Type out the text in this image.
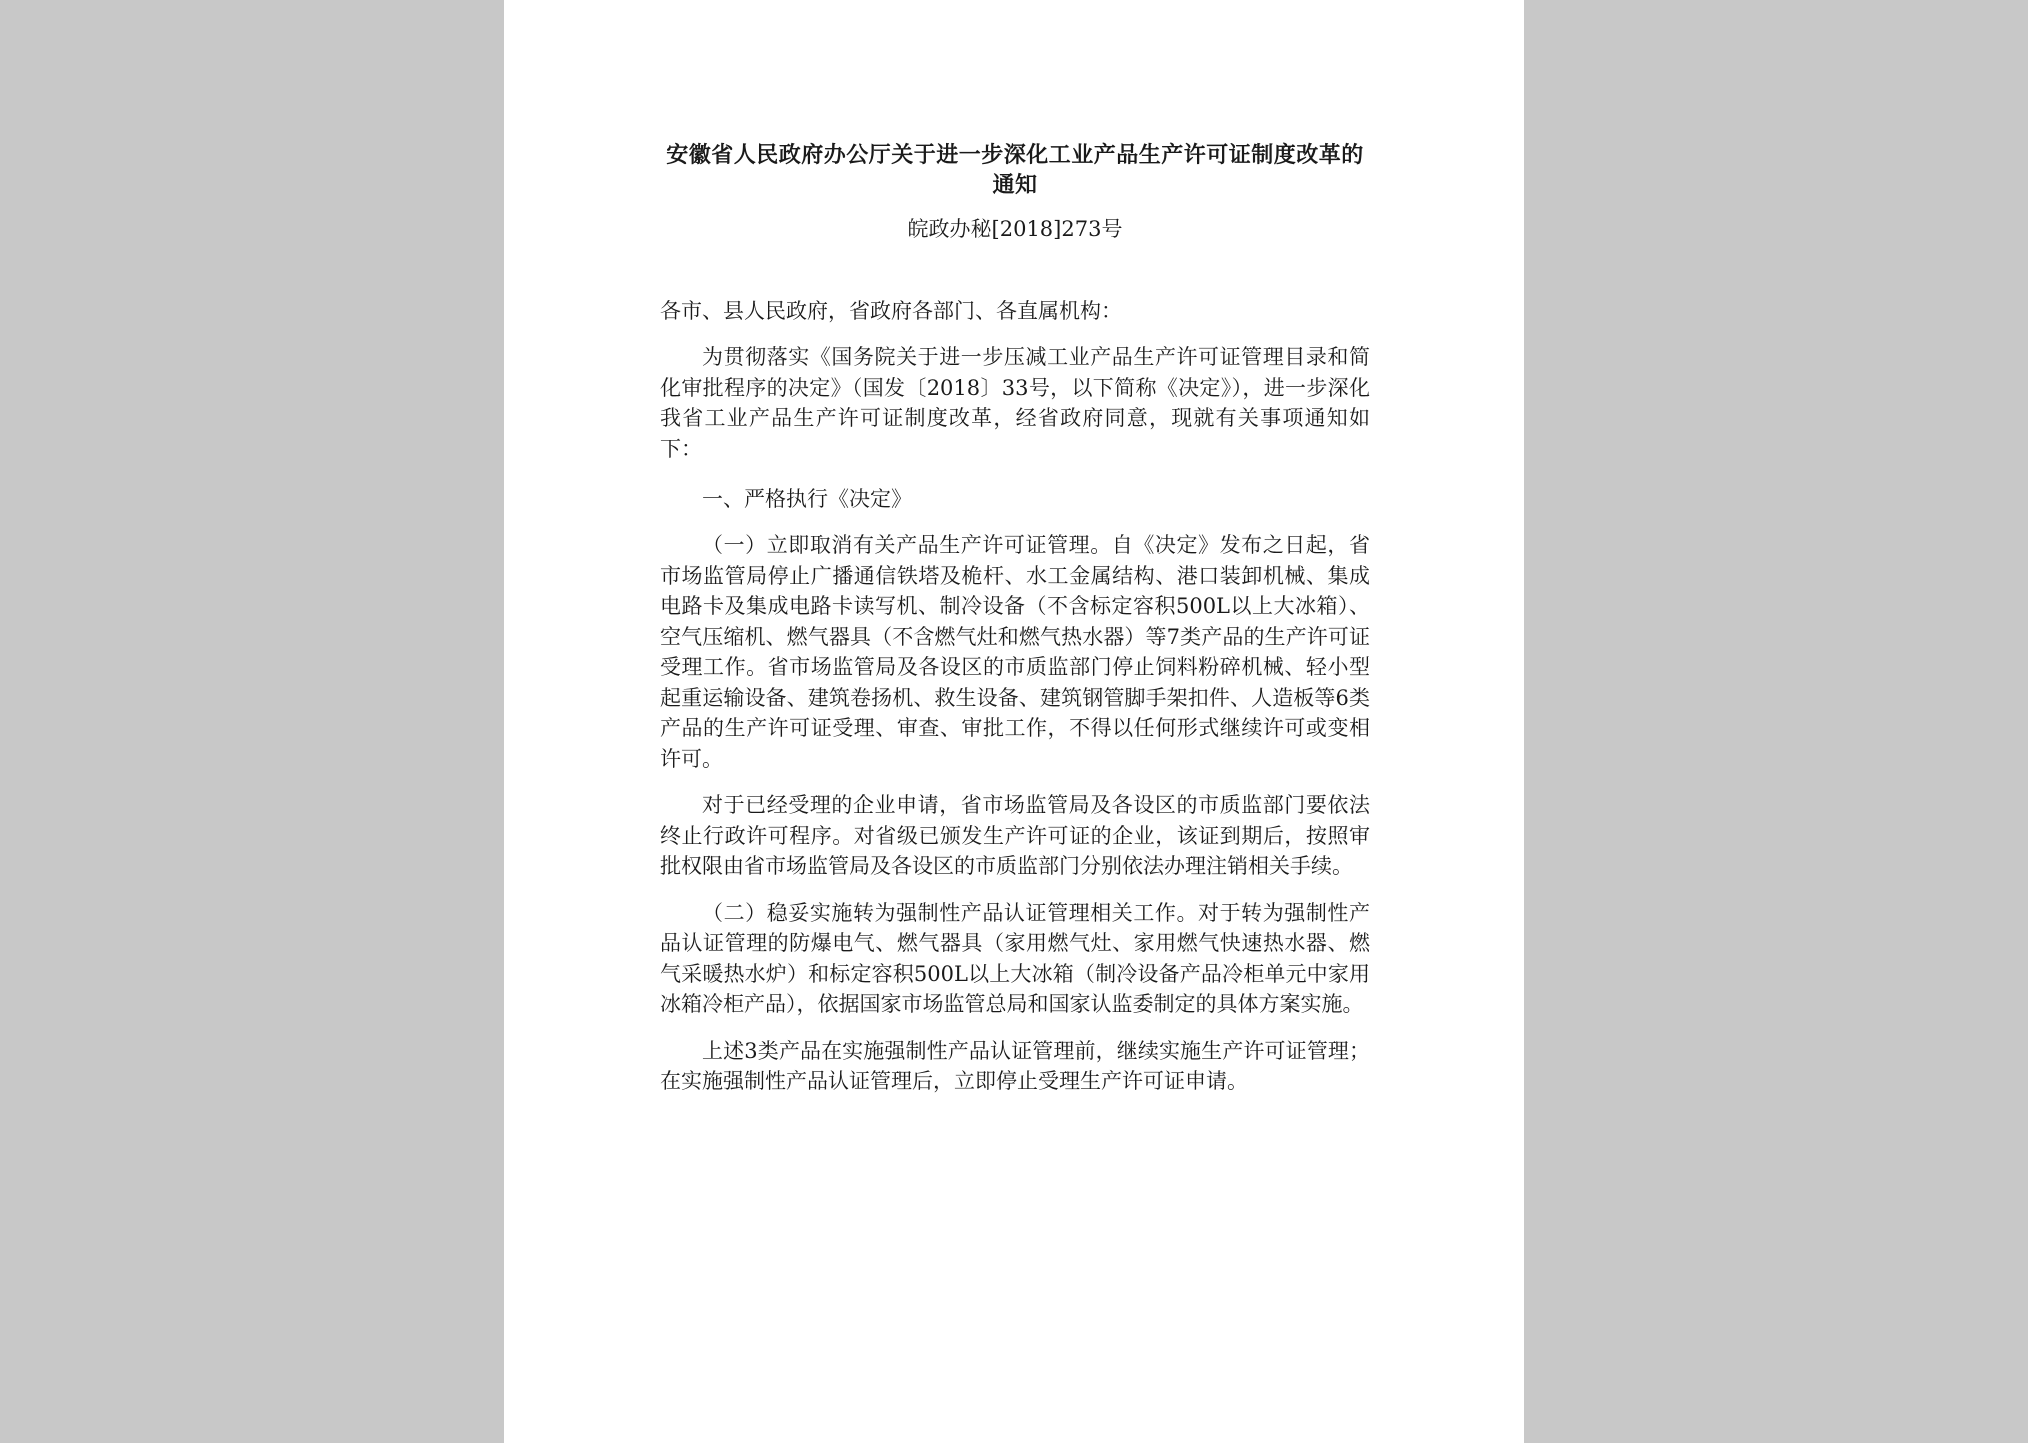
安徽省人民政府办公厅关于进一步深化工业产品生产许可证制度改革的通知

皖政办秘[2018]273号

各市、县人民政府，省政府各部门、各直属机构：

为贯彻落实《国务院关于进一步压减工业产品生产许可证管理目录和简化审批程序的决定》（国发〔2018〕33号，以下简称《决定》），进一步深化我省工业产品生产许可证制度改革，经省政府同意，现就有关事项通知如下：

一、严格执行《决定》

（一）立即取消有关产品生产许可证管理。自《决定》发布之日起，省市场监管局停止广播通信铁塔及桅杆、水工金属结构、港口装卸机械、集成电路卡及集成电路卡读写机、制冷设备（不含标定容积500L以上大冰箱）、空气压缩机、燃气器具（不含燃气灶和燃气热水器）等7类产品的生产许可证受理工作。省市场监管局及各设区的市质监部门停止饲料粉碎机械、轻小型起重运输设备、建筑卷扬机、救生设备、建筑钢管脚手架扣件、人造板等6类产品的生产许可证受理、审查、审批工作，不得以任何形式继续许可或变相许可。

对于已经受理的企业申请，省市场监管局及各设区的市质监部门要依法终止行政许可程序。对省级已颁发生产许可证的企业，该证到期后，按照审批权限由省市场监管局及各设区的市质监部门分别依法办理注销相关手续。

（二）稳妥实施转为强制性产品认证管理相关工作。对于转为强制性产品认证管理的防爆电气、燃气器具（家用燃气灶、家用燃气快速热水器、燃气采暖热水炉）和标定容积500L以上大冰箱（制冷设备产品冷柜单元中家用冰箱冷柜产品），依据国家市场监管总局和国家认监委制定的具体方案实施。

上述3类产品在实施强制性产品认证管理前，继续实施生产许可证管理；在实施强制性产品认证管理后，立即停止受理生产许可证申请。
